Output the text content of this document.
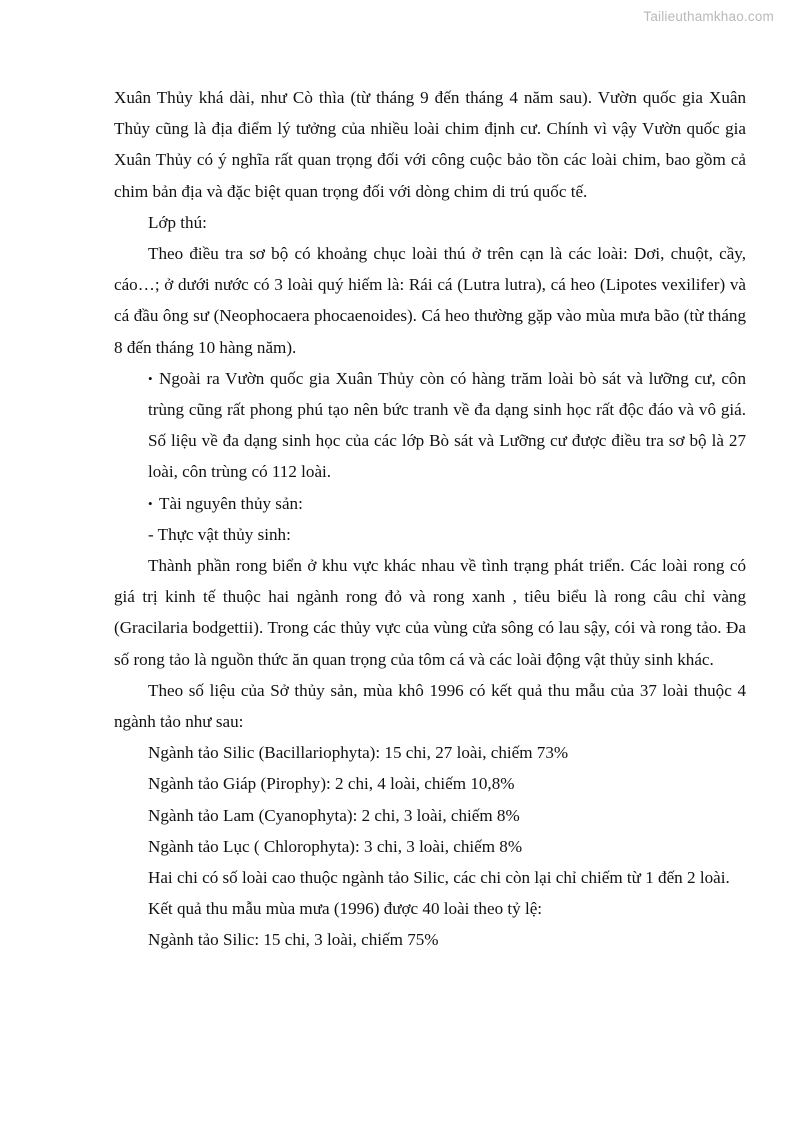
Tailieuthamkhao.com

Xuân Thủy khá dài, như Cò thìa (từ tháng 9 đến tháng 4 năm sau). Vườn quốc gia Xuân Thủy cũng là địa điểm lý tưởng của nhiều loài chim định cư. Chính vì vậy Vườn quốc gia Xuân Thủy có ý nghĩa rất quan trọng đối với công cuộc bảo tồn các loài chim, bao gồm cả chim bản địa và đặc biệt quan trọng đối với dòng chim di trú quốc tế.

Lớp thú:

Theo điều tra sơ bộ có khoảng chục loài thú ở trên cạn là các loài: Dơi, chuột, cầy, cáo…; ở dưới nước có 3 loài quý hiếm là: Rái cá (Lutra lutra), cá heo (Lipotes vexilifer) và cá đầu ông sư (Neophocaera phocaenoides). Cá heo thường gặp vào mùa mưa bão (từ tháng 8 đến tháng 10 hàng năm).

• Ngoài ra Vườn quốc gia Xuân Thủy còn có hàng trăm loài bò sát và lưỡng cư, côn trùng cũng rất phong phú tạo nên bức tranh về đa dạng sinh học rất độc đáo và vô giá. Số liệu về đa dạng sinh học của các lớp Bò sát và Lưỡng cư được điều tra sơ bộ là 27 loài, côn trùng có 112 loài.

• Tài nguyên thủy sản:

- Thực vật thủy sinh:

Thành phần rong biển ở khu vực khác nhau về tình trạng phát triển. Các loài rong có giá trị kinh tế thuộc hai ngành rong đỏ và rong xanh , tiêu biểu là rong câu chỉ vàng (Gracilaria bodgettii). Trong các thủy vực của vùng cửa sông có lau sậy, cói và rong tảo. Đa số rong tảo là nguồn thức ăn quan trọng của tôm cá và các loài động vật thủy sinh khác.

Theo số liệu của Sở thủy sản, mùa khô 1996 có kết quả thu mẫu của 37 loài thuộc 4 ngành tảo như sau:

Ngành tảo Silic (Bacillariophyta): 15 chi, 27 loài, chiếm 73%

Ngành tảo Giáp (Pirophy): 2 chi, 4 loài, chiếm 10,8%

Ngành tảo Lam (Cyanophyta): 2 chi, 3 loài, chiếm 8%

Ngành tảo Lục ( Chlorophyta): 3 chi, 3 loài, chiếm 8%

Hai chi có số loài cao thuộc ngành tảo Silic, các chi còn lại chỉ chiếm từ 1 đến 2 loài.

Kết quả thu mẫu mùa mưa (1996) được 40 loài theo tỷ lệ:

Ngành tảo Silic: 15 chi, 3 loài, chiếm 75%
